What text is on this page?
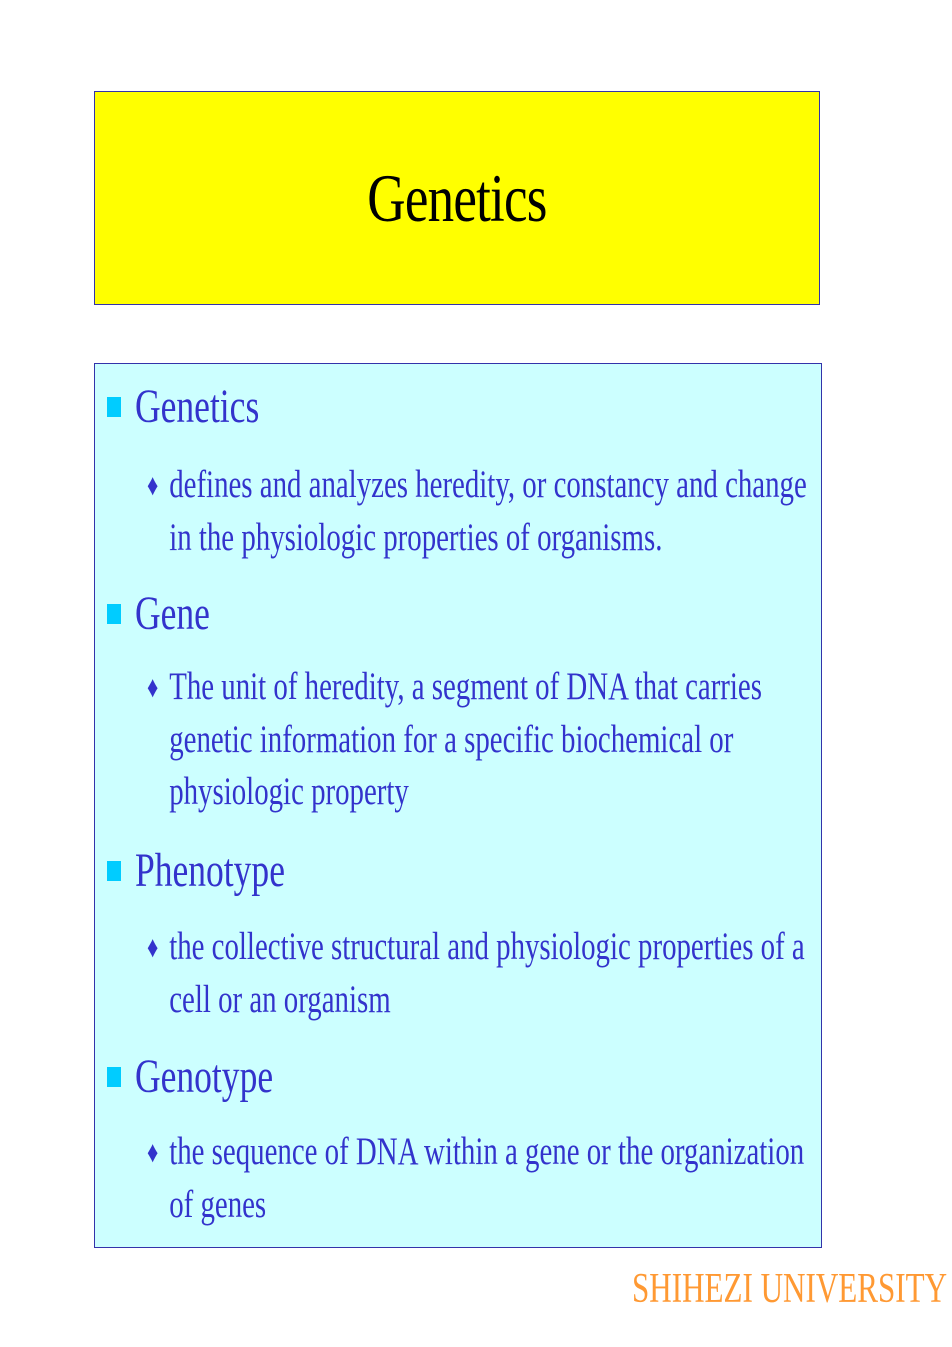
Genetics
Genetics
♦ defines and analyzes heredity, or constancy and change
in the physiologic properties of organisms.
Gene
♦ The unit of heredity, a segment of DNA that carries
genetic information for a specific biochemical or
physiologic property
Phenotype
♦ the collective structural and physiologic properties of a
cell or an organism
Genotype
♦ the sequence of DNA within a gene or the organization
of genes
SHIHEZI UNIVERSITY
